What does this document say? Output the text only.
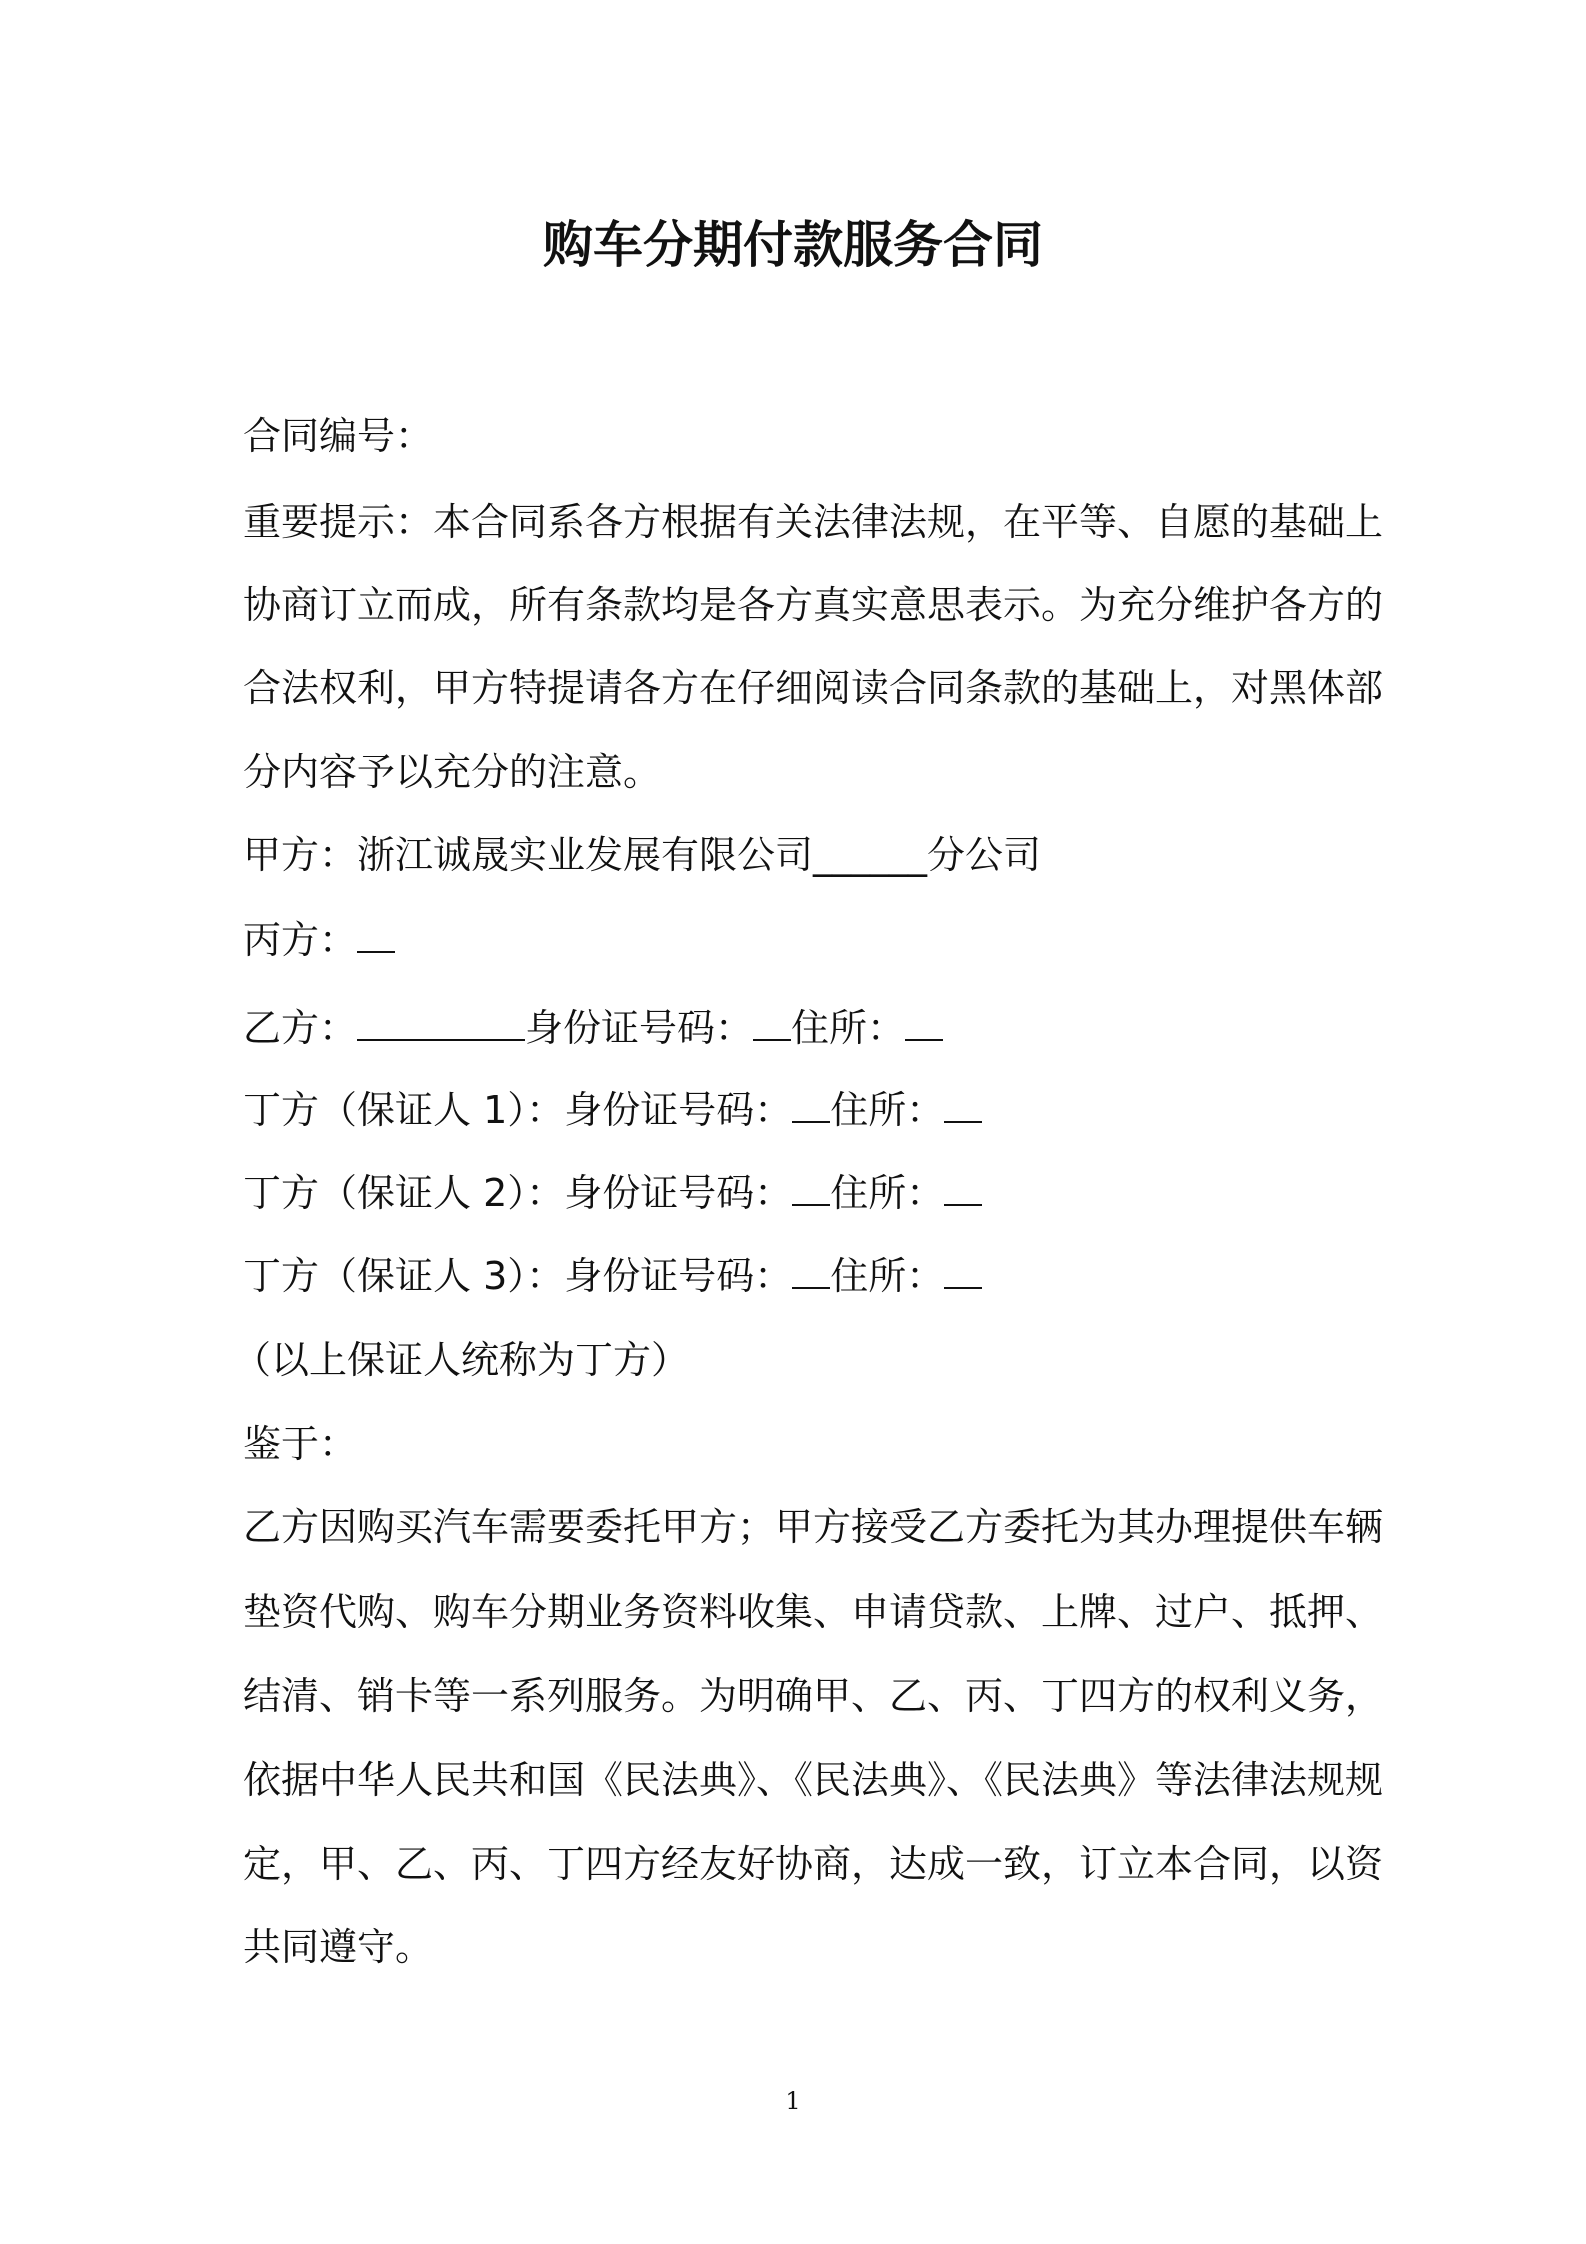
购车分期付款服务合同
合同编号：
重要提示：本合同系各方根据有关法律法规，在平等、自愿的基础上
协商订立而成，所有条款均是各方真实意思表示。为充分维护各方的
合法权利，甲方特提请各方在仔细阅读合同条款的基础上，对黑体部
分内容予以充分的注意。
甲方：浙江诚晟实业发展有限公司______分公司
丙方：
乙方：	身份证号码： 住所：
丁方（保证人 1）：身份证号码： 住所：
丁方（保证人 2）：身份证号码： 住所：
丁方（保证人 3）：身份证号码： 住所：
（以上保证人统称为丁方）
鉴于：
乙方因购买汽车需要委托甲方；甲方接受乙方委托为其办理提供车辆
垫资代购、购车分期业务资料收集、申请贷款、上牌、过户、抵押、
结清、销卡等一系列服务。为明确甲、乙、丙、丁四方的权利义务，
依据中华人民共和国《民法典》、《民法典》、《民法典》等法律法规规
定，甲、乙、丙、丁四方经友好协商，达成一致，订立本合同，以资
共同遵守。
1
